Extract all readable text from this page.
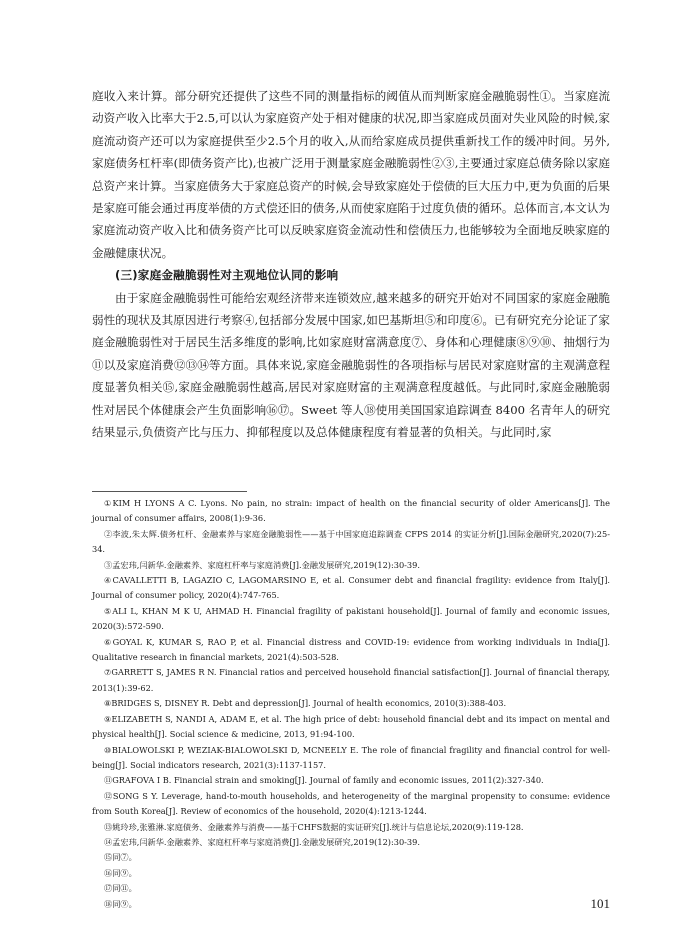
庭收入来计算。部分研究还提供了这些不同的测量指标的阈值从而判断家庭金融脆弱性①。当家庭流动资产收入比率大于2.5,可以认为家庭资产处于相对健康的状况,即当家庭成员面对失业风险的时候,家庭流动资产还可以为家庭提供至少2.5个月的收入,从而给家庭成员提供重新找工作的缓冲时间。另外,家庭债务杠杆率(即债务资产比),也被广泛用于测量家庭金融脆弱性②③,主要通过家庭总债务除以家庭总资产来计算。当家庭债务大于家庭总资产的时候,会导致家庭处于偿债的巨大压力中,更为负面的后果是家庭可能会通过再度举债的方式偿还旧的债务,从而使家庭陷于过度负债的循环。总体而言,本文认为家庭流动资产收入比和债务资产比可以反映家庭资金流动性和偿债压力,也能够较为全面地反映家庭的金融健康状况。

(三)家庭金融脆弱性对主观地位认同的影响

由于家庭金融脆弱性可能给宏观经济带来连锁效应,越来越多的研究开始对不同国家的家庭金融脆弱性的现状及其原因进行考察④,包括部分发展中国家,如巴基斯坦⑤和印度⑥。已有研究充分论证了家庭金融脆弱性对于居民生活多维度的影响,比如家庭财富满意度⑦、身体和心理健康⑧⑨⑩、抽烟行为⑪以及家庭消费⑫⑬⑭等方面。具体来说,家庭金融脆弱性的各项指标与居民对家庭财富的主观满意程度显著负相关⑮,家庭金融脆弱性越高,居民对家庭财富的主观满意程度越低。与此同时,家庭金融脆弱性对居民个体健康会产生负面影响⑯⑰。Sweet 等人⑱使用美国国家追踪调查 8400 名青年人的研究结果显示,负债资产比与压力、抑郁程度以及总体健康程度有着显著的负相关。与此同时,家

①KIM H LYONS A C. Lyons. No pain, no strain: impact of health on the financial security of older Americans[J]. The journal of consumer affairs, 2008(1):9-36.

②李波,朱太辉.债务杠杆、金融素养与家庭金融脆弱性——基于中国家庭追踪调查 CFPS 2014 的实证分析[J].国际金融研究,2020(7):25-34.

③孟宏玮,闫新华.金融素养、家庭杠杆率与家庭消费[J].金融发展研究,2019(12):30-39.

④CAVALLETTI B, LAGAZIO C, LAGOMARSINO E, et al. Consumer debt and financial fragility: evidence from Italy[J]. Journal of consumer policy, 2020(4):747-765.

⑤ALI L, KHAN M K U, AHMAD H. Financial fragility of pakistani household[J]. Journal of family and economic issues, 2020(3):572-590.

⑥GOYAL K, KUMAR S, RAO P, et al. Financial distress and COVID-19: evidence from working individuals in India[J]. Qualitative research in financial markets, 2021(4):503-528.

⑦GARRETT S, JAMES R N. Financial ratios and perceived household financial satisfaction[J]. Journal of financial therapy, 2013(1):39-62.

⑧BRIDGES S, DISNEY R. Debt and depression[J]. Journal of health economics, 2010(3):388-403.

⑨ELIZABETH S, NANDI A, ADAM E, et al. The high price of debt: household financial debt and its impact on mental and physical health[J]. Social science & medicine, 2013, 91:94-100.

⑩BIALOWOLSKI P, WEZIAK-BIALOWOLSKI D, MCNEELY E. The role of financial fragility and financial control for well-being[J]. Social indicators research, 2021(3):1137-1157.

⑪GRAFOVA I B. Financial strain and smoking[J]. Journal of family and economic issues, 2011(2):327-340.

⑫SONG S Y. Leverage, hand-to-mouth households, and heterogeneity of the marginal propensity to consume: evidence from South Korea[J]. Review of economics of the household, 2020(4):1213-1244.

⑬姚玲珍,张雅淋.家庭债务、金融素养与消费——基于CHFS数据的实证研究[J].统计与信息论坛,2020(9):119-128.

⑭孟宏玮,闫新华.金融素养、家庭杠杆率与家庭消费[J].金融发展研究,2019(12):30-39.

⑮同⑦。

⑯同⑨。

⑰同⑪。

⑱同⑨。	101
